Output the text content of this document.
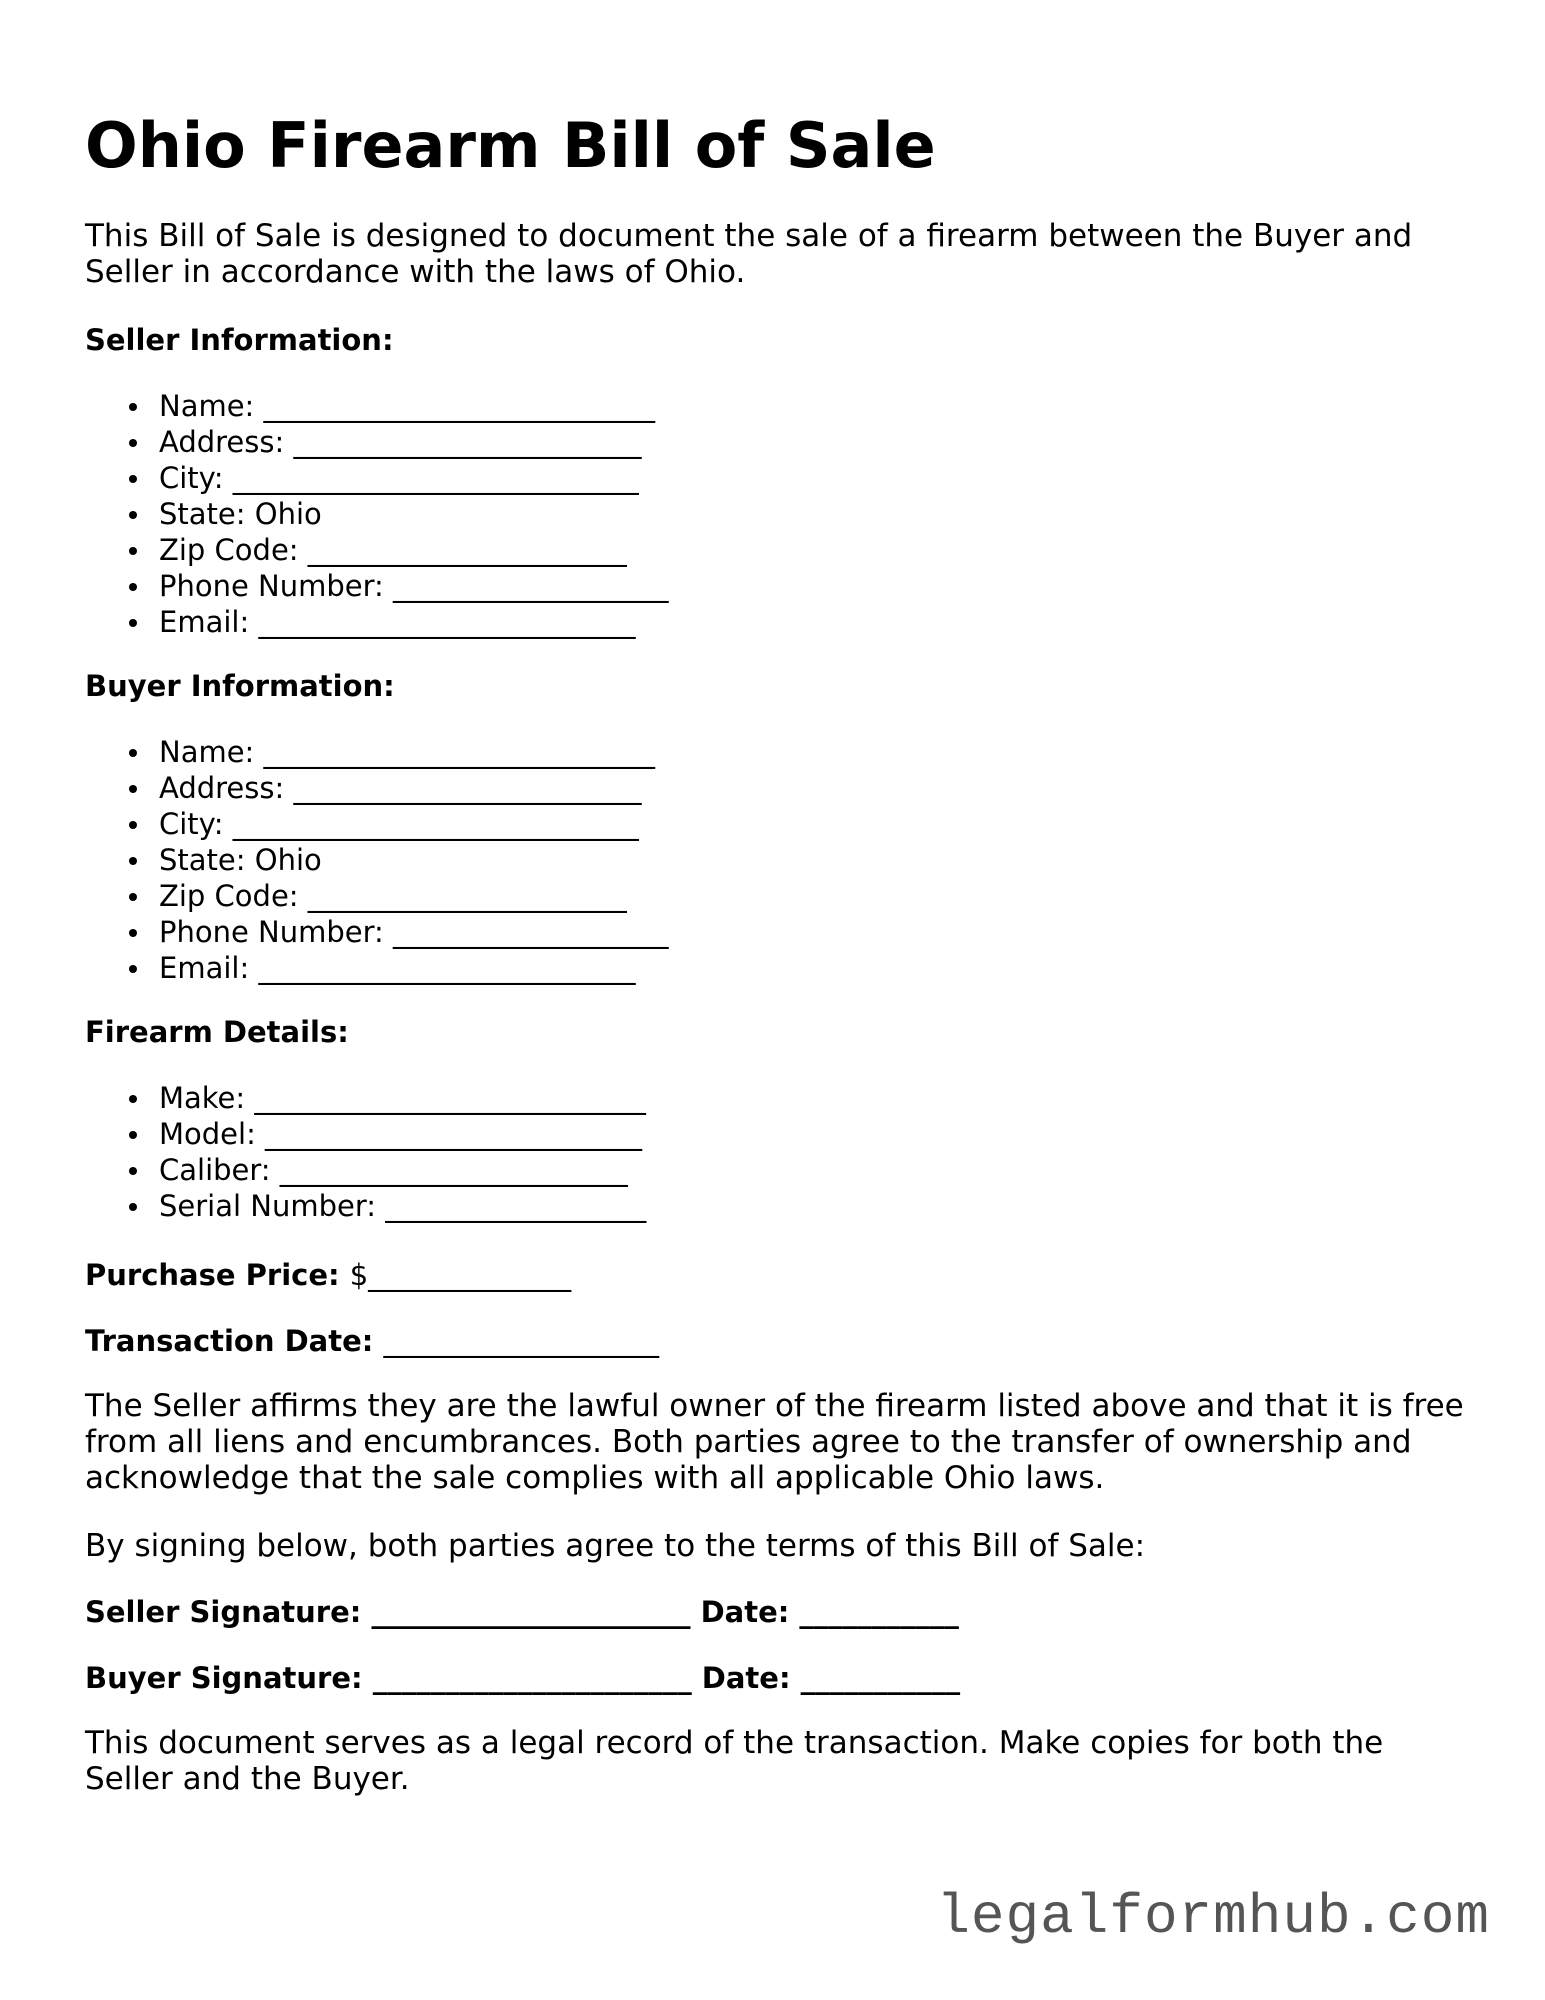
Ohio Firearm Bill of Sale

This Bill of Sale is designed to document the sale of a firearm between the Buyer and Seller in accordance with the laws of Ohio.

Seller Information:

Name: ___________________________
Address: ________________________
City: ____________________________
State: Ohio
Zip Code: ______________________
Phone Number: ___________________
Email: __________________________

Buyer Information:

Name: ___________________________
Address: ________________________
City: ____________________________
State: Ohio
Zip Code: ______________________
Phone Number: ___________________
Email: __________________________

Firearm Details:

Make: ___________________________
Model: __________________________
Caliber: ________________________
Serial Number: __________________

Purchase Price: $______________

Transaction Date: ___________________

The Seller affirms they are the lawful owner of the firearm listed above and that it is free from all liens and encumbrances. Both parties agree to the transfer of ownership and acknowledge that the sale complies with all applicable Ohio laws.

By signing below, both parties agree to the terms of this Bill of Sale:

Seller Signature: ______________________ Date: ___________

Buyer Signature: ______________________ Date: ___________

This document serves as a legal record of the transaction. Make copies for both the Seller and the Buyer.

legalformhub.com
